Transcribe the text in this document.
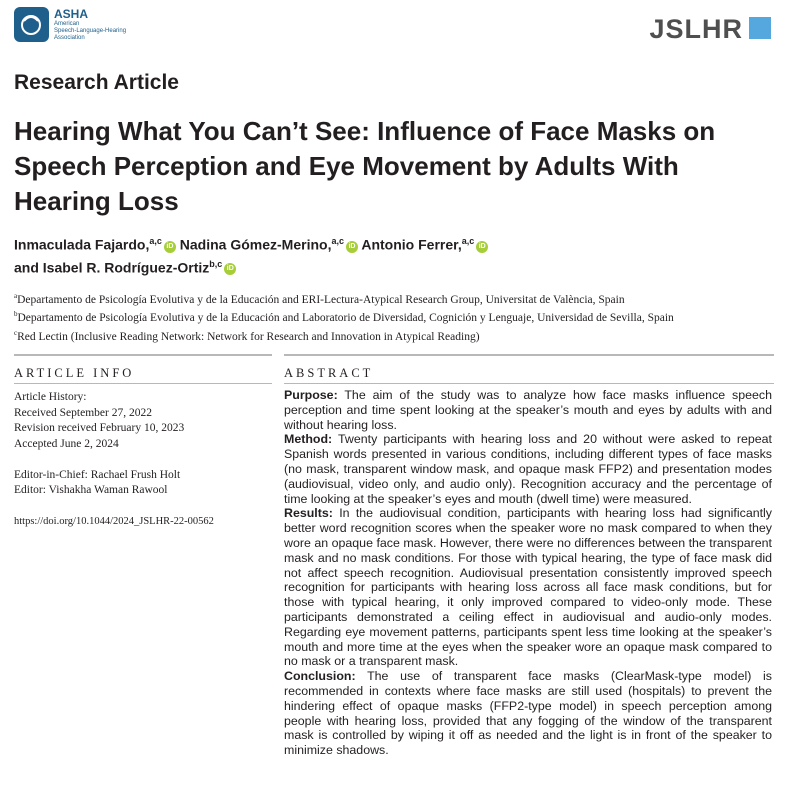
ASHA
American
Speech-Language-Hearing
Association	JSLHR
Research Article
Hearing What You Can’t See: Influence of Face Masks on Speech Perception and Eye Movement by Adults With Hearing Loss
Inmaculada Fajardo,$^{a,c}$iD Nadina Gómez-Merino,$^{a,c}$iD Antonio Ferrer,$^{a,c}$iD
and Isabel R. Rodríguez-Ortiz$^{b,c}$iD
$^a$Departamento de Psicología Evolutiva y de la Educación and ERI-Lectura-Atypical Research Group, Universitat de València, Spain
$^b$Departamento de Psicología Evolutiva y de la Educación and Laboratorio de Diversidad, Cognición y Lenguaje, Universidad de Sevilla, Spain
$^c$Red Lectin (Inclusive Reading Network: Network for Research and Innovation in Atypical Reading)
ARTICLE INFO	ABSTRACT

Article History:

Received September 27, 2022

Revision received February 10, 2023

Accepted June 2, 2024

Editor-in-Chief: Rachael Frush Holt

Editor: Vishakha Waman Rawool

https://doi.org/10.1044/2024_JSLHR-22-00562

Purpose: The aim of the study was to analyze how face masks influence speech perception and time spent looking at the speaker’s mouth and eyes by adults with and without hearing loss.

Method: Twenty participants with hearing loss and 20 without were asked to repeat Spanish words presented in various conditions, including different types of face masks (no mask, transparent window mask, and opaque mask FFP2) and presentation modes (audiovisual, video only, and audio only). Recognition accuracy and the percentage of time looking at the speaker’s eyes and mouth (dwell time) were measured.

Results: In the audiovisual condition, participants with hearing loss had significantly better word recognition scores when the speaker wore no mask compared to when they wore an opaque face mask. However, there were no differences between the transparent mask and no mask conditions. For those with typical hearing, the type of face mask did not affect speech recognition. Audiovisual presentation consistently improved speech recognition for participants with hearing loss across all face mask conditions, but for those with typical hearing, it only improved compared to video-only mode. These participants demonstrated a ceiling effect in audiovisual and audio-only modes. Regarding eye movement patterns, participants spent less time looking at the speaker’s mouth and more time at the eyes when the speaker wore an opaque mask compared to no mask or a transparent mask.

Conclusion: The use of transparent face masks (ClearMask-type model) is recommended in contexts where face masks are still used (hospitals) to prevent the hindering effect of opaque masks (FFP2-type model) in speech perception among people with hearing loss, provided that any fogging of the window of the transparent mask is controlled by wiping it off as needed and the light is in front of the speaker to minimize shadows.
